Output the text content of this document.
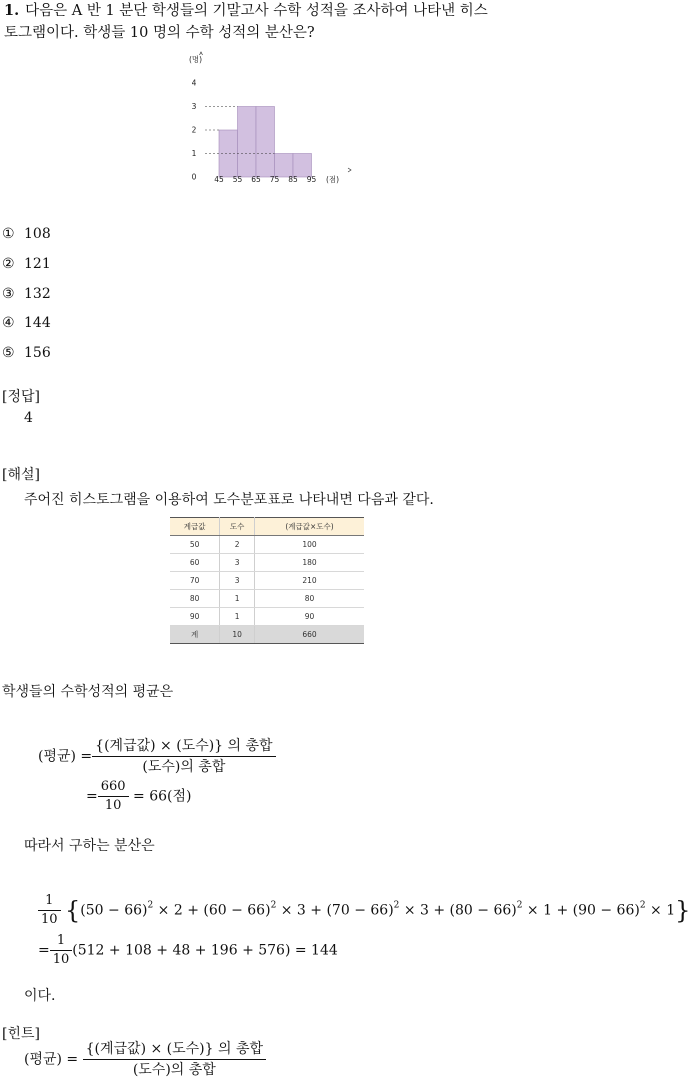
1. 다음은 A 반 1 분단 학생들의 기말고사 수학 성적을 조사하여 나타낸 히스
토그램이다. 학생들 10 명의 수학 성적의 분산은?
0
1
2
3
4
(명)
45 55 65 75 85 95 (점)
① 108
② 121
③ 132
④ 144
⑤ 156
[정답]
4
[해설]
주어진 히스토그램을 이용하여 도수분포표로 나타내면 다음과 같다.
계급값	도수	(계급값×도수)
50	2	100
60	3	180
70	3	210
80	1	80
90	1	90
계	10	660
학생들의 수학성적의 평균은
(평균) = $\frac{\text{\{(계급값) × (도수)\} 의 총합}}{\text{(도수)의 총합}}$
= $\frac{660}{10} = 66$(점)
따라서 구하는 분산은
$\frac{1}{10} \{(50 - 66)^2 \times 2 + (60 - 66)^2 \times 3 + (70 - 66)^2 \times 3 + (80 - 66)^2 \times 1 + (90 - 66)^2 \times 1\}$
= $\frac{1}{10} (512 + 108 + 48 + 196 + 576) = 144$
이다.
[힌트]
(평균) = $\frac{\text{\{(계급값) × (도수)\} 의 총합}}{\text{(도수)의 총합}}$
